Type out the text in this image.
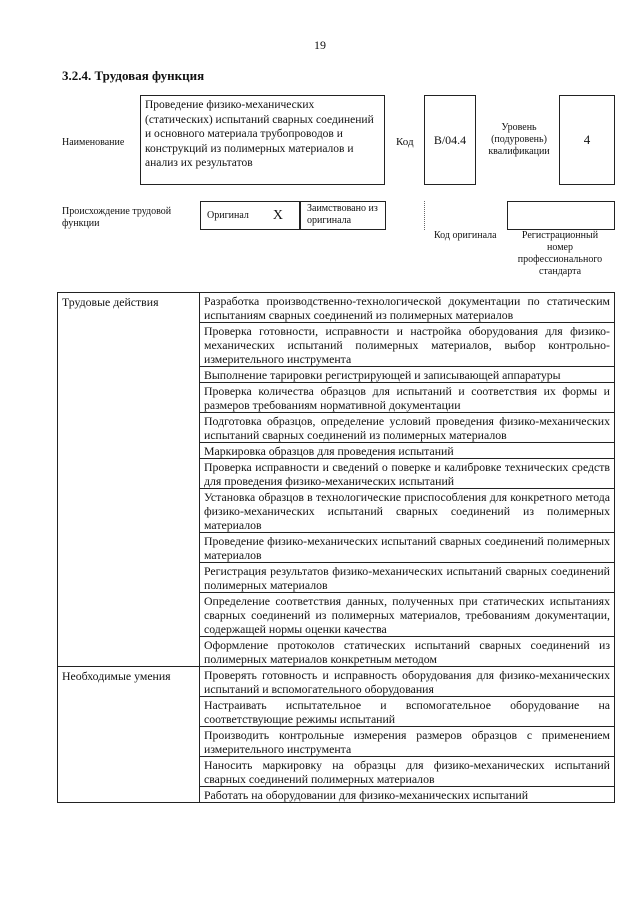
19
3.2.4. Трудовая функция
Наименование
Проведение физико-механических (статических) испытаний сварных соединений и основного материала трубопроводов и конструкций из полимерных материалов и анализ их результатов
Код	В/04.4
Уровень (подуровень) квалификации
4
Происхождение трудовой функции
Оригинал X	Заимствовано из оригинала
Код оригинала	Регистрационный номер профессионального стандарта
Трудовые действия	Разработка производственно-технологической документации по статическим испытаниям сварных соединений из полимерных материалов
	Проверка готовности, исправности и настройка оборудования для физико-механических испытаний полимерных материалов, выбор контрольно-измерительного инструмента
	Выполнение тарировки регистрирующей и записывающей аппаратуры
	Проверка количества образцов для испытаний и соответствия их формы и размеров требованиям нормативной документации
	Подготовка образцов, определение условий проведения физико-механических испытаний сварных соединений из полимерных материалов
	Маркировка образцов для проведения испытаний
	Проверка исправности и сведений о поверке и калибровке технических средств для проведения физико-механических испытаний
	Установка образцов в технологические приспособления для конкретного метода физико-механических испытаний сварных соединений из полимерных материалов
	Проведение физико-механических испытаний сварных соединений полимерных материалов
	Регистрация результатов физико-механических испытаний сварных соединений полимерных материалов
	Определение соответствия данных, полученных при статических испытаниях сварных соединений из полимерных материалов, требованиям документации, содержащей нормы оценки качества
	Оформление протоколов статических испытаний сварных соединений из полимерных материалов конкретным методом
Необходимые умения	Проверять готовность и исправность оборудования для физико-механических испытаний и вспомогательного оборудования
	Настраивать испытательное и вспомогательное оборудование на соответствующие режимы испытаний
	Производить контрольные измерения размеров образцов с применением измерительного инструмента
	Наносить маркировку на образцы для физико-механических испытаний сварных соединений полимерных материалов
	Работать на оборудовании для физико-механических испытаний
